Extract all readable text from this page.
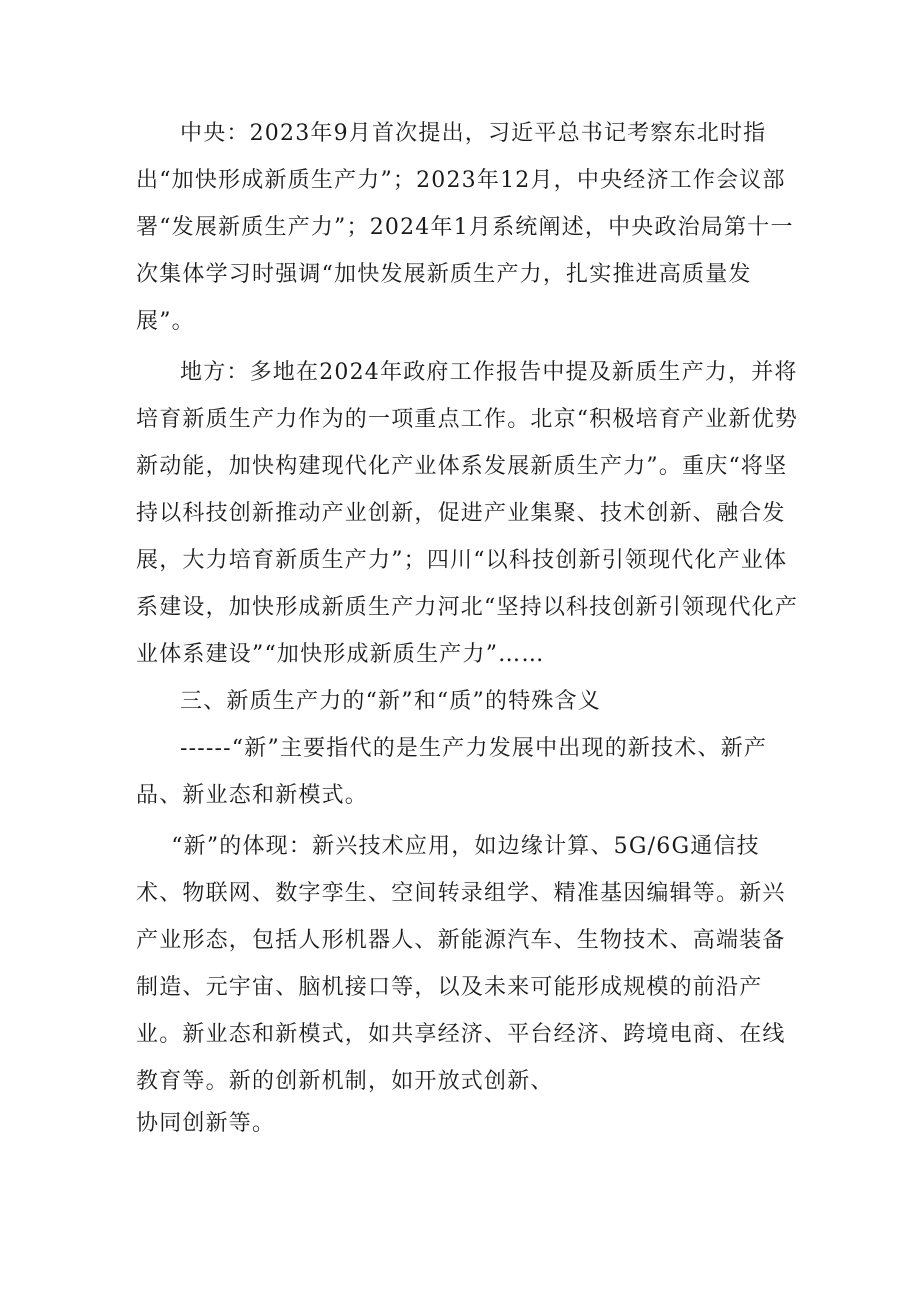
中央：2023年9月首次提出，习近平总书记考察东北时指出“加快形成新质生产力”；2023年12月，中央经济工作会议部署“发展新质生产力”；2024年1月系统阐述，中央政治局第十一次集体学习时强调“加快发展新质生产力，扎实推进高质量发展”。

地方：多地在2024年政府工作报告中提及新质生产力，并将培育新质生产力作为的一项重点工作。北京“积极培育产业新优势新动能，加快构建现代化产业体系发展新质生产力”。重庆“将坚持以科技创新推动产业创新，促进产业集聚、技术创新、融合发展，大力培育新质生产力”；四川“以科技创新引领现代化产业体系建设，加快形成新质生产力河北“坚持以科技创新引领现代化产业体系建设”“加快形成新质生产力”……

三、新质生产力的“新”和“质”的特殊含义

------“新”主要指代的是生产力发展中出现的新技术、新产品、新业态和新模式。

“新”的体现：新兴技术应用，如边缘计算、5G/6G通信技术、物联网、数字孪生、空间转录组学、精准基因编辑等。新兴产业形态，包括人形机器人、新能源汽车、生物技术、高端装备制造、元宇宙、脑机接口等，以及未来可能形成规模的前沿产业。新业态和新模式，如共享经济、平台经济、跨境电商、在线教育等。新的创新机制，如开放式创新、

协同创新等。
